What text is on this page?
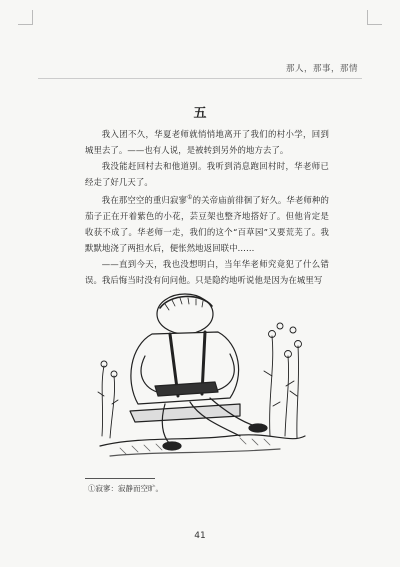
那人，那事，那情
五

我入团不久，华夏老师就悄悄地离开了我们的村小学，回到城里去了。——也有人说，是被转到另外的地方去了。

我没能赶回村去和他道别。我听到消息跑回村时，华老师已经走了好几天了。

我在那空空的重归寂寥①的关帝庙前徘徊了好久。华老师种的茄子正在开着紫色的小花，芸豆架也整齐地搭好了。但他肯定是收获不成了。华老师一走，我们的这个“百草园”又要荒芜了。我默默地浇了两担水后，便怅然地返回联中……

——直到今天，我也没想明白，当年华老师究竟犯了什么错误。我后悔当时没有问问他。只是隐约地听说他是因为在城里写

①寂寥：寂静而空旷。
41
